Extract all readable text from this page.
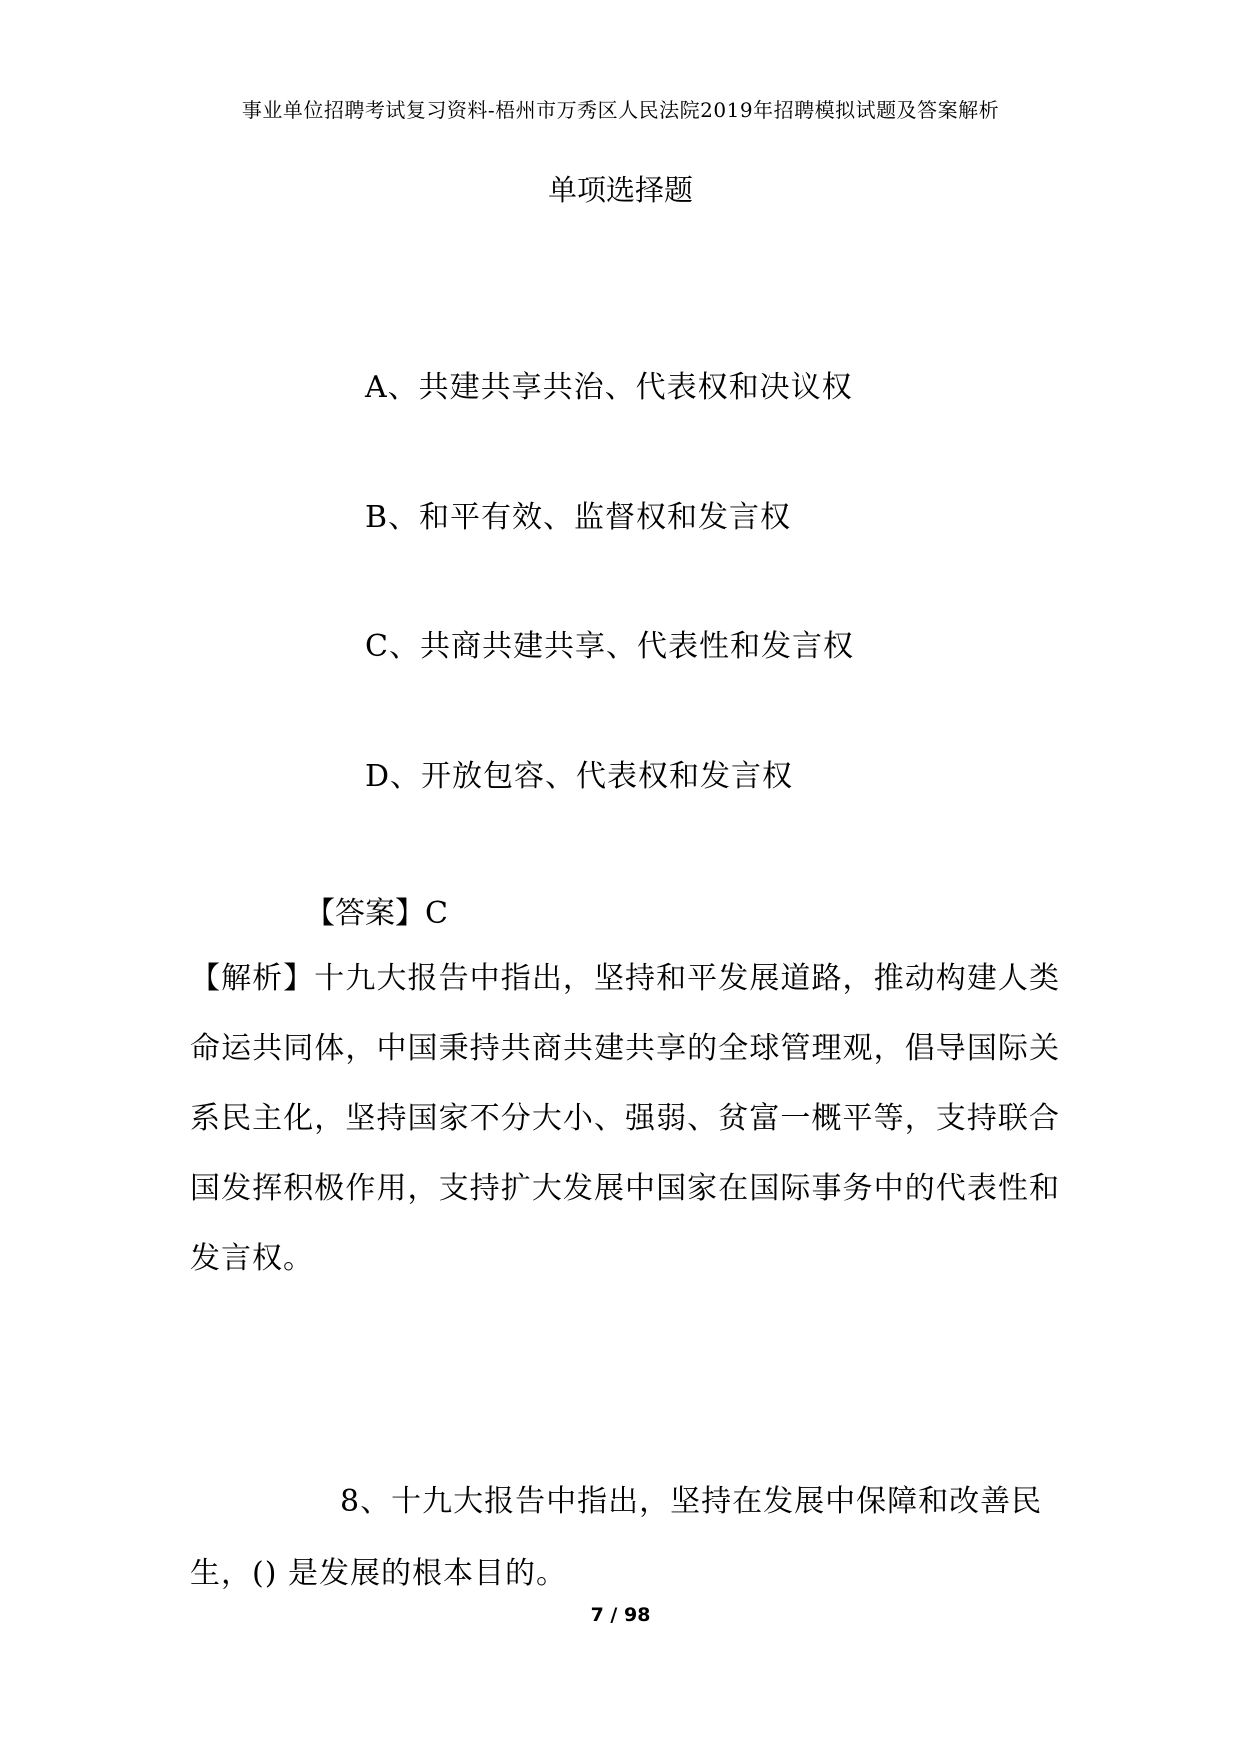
事业单位招聘考试复习资料-梧州市万秀区人民法院2019年招聘模拟试题及答案解析
单项选择题
A、共建共享共治、代表权和决议权
B、和平有效、监督权和发言权
C、共商共建共享、代表性和发言权
D、开放包容、代表权和发言权
【答案】C
【解析】十九大报告中指出，坚持和平发展道路，推动构建人类命运共同体，中国秉持共商共建共享的全球管理观，倡导国际关系民主化，坚持国家不分大小、强弱、贫富一概平等，支持联合国发挥积极作用，支持扩大发展中国家在国际事务中的代表性和发言权。
8、十九大报告中指出，坚持在发展中保障和改善民生，() 是发展的根本目的。
7 / 98
